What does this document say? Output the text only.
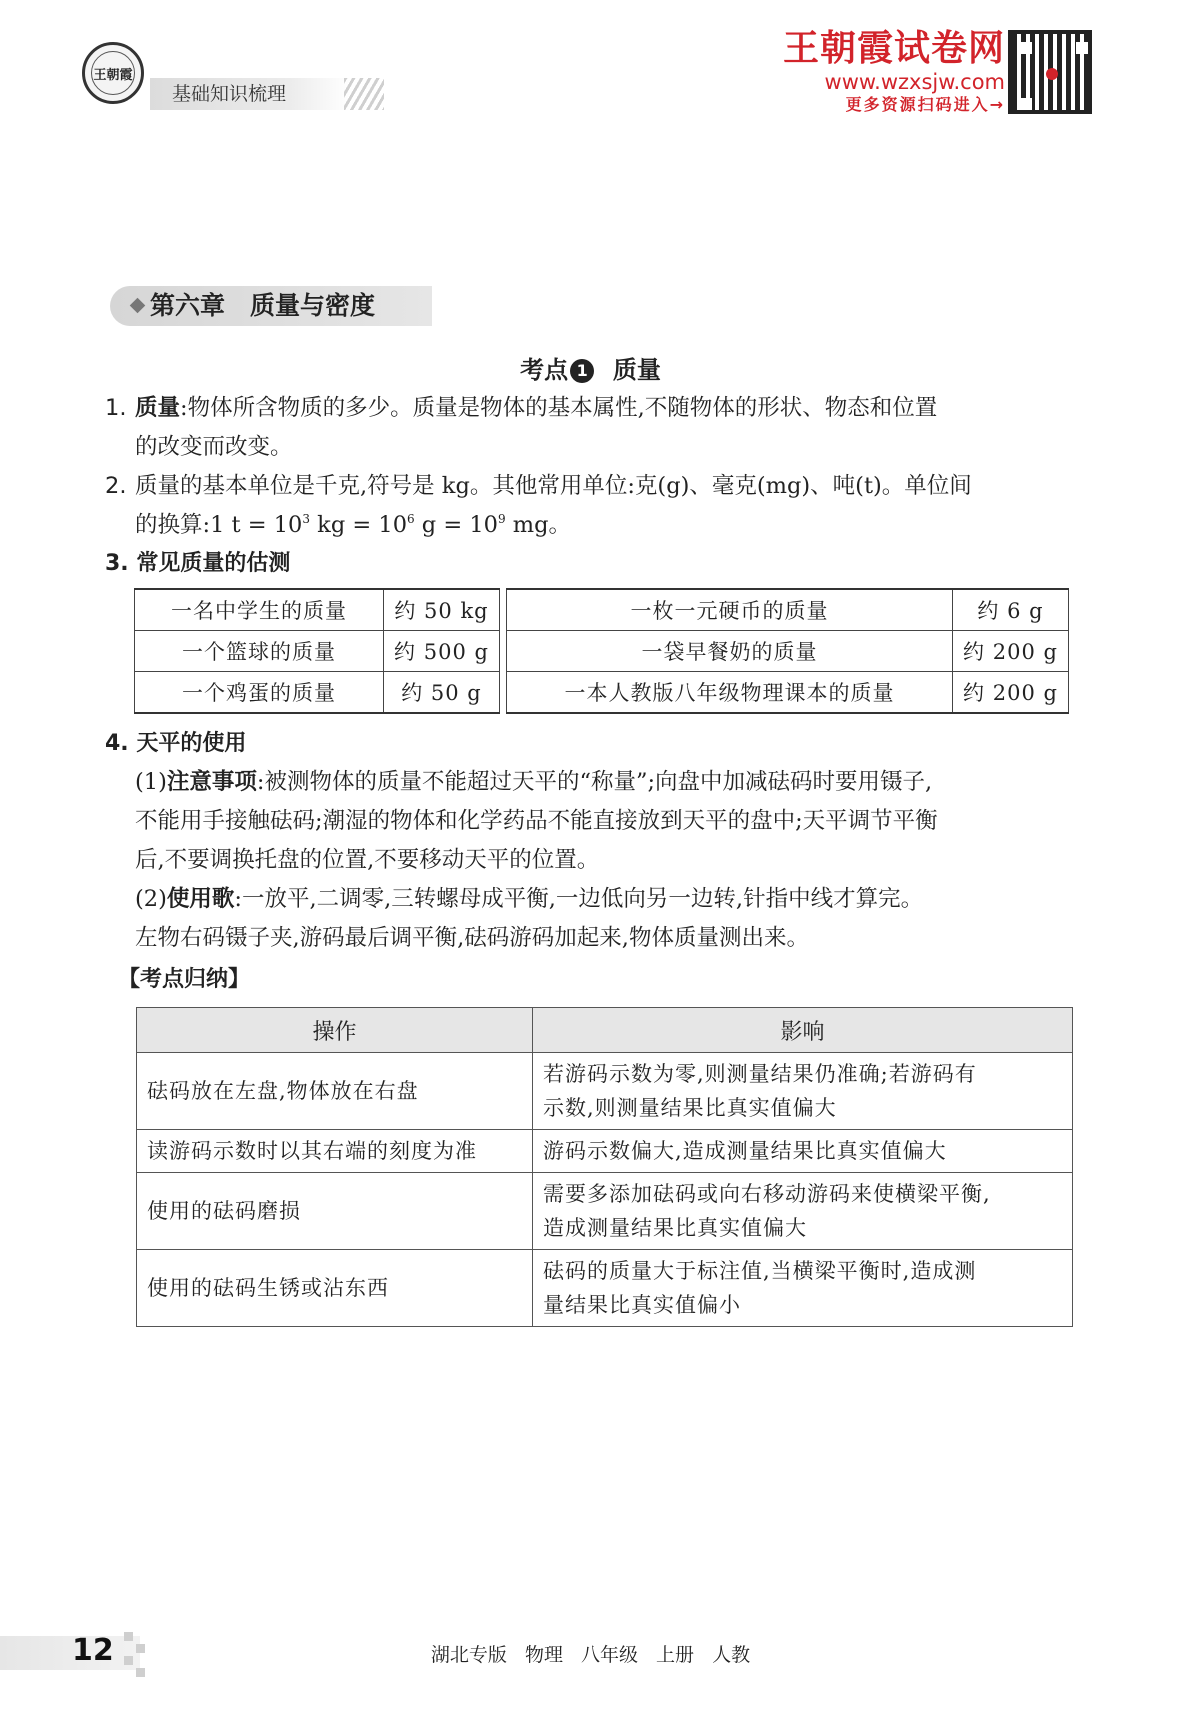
王朝霞
基础知识梳理
王朝霞试卷网
www.wzxsjw.com
更多资源扫码进入→
第六章　质量与密度
考点 1 质量
1. 质量:物体所含物质的多少。质量是物体的基本属性,不随物体的形状、物态和位置
的改变而改变。
2. 质量的基本单位是千克,符号是 kg。其他常用单位:克(g)、毫克(mg)、吨(t)。单位间
的换算:1 $t = 10^3$ kg = $10^6$ $g = 10^9$ mg。
3. 常见质量的估测
一名中学生的质量	约 50 kg
一个篮球的质量	约 500 g
一个鸡蛋的质量	约 50 g
一枚一元硬币的质量	约 6 g
一袋早餐奶的质量	约 200 g
一本人教版八年级物理课本的质量	约 200 g
4. 天平的使用
(1)注意事项:被测物体的质量不能超过天平的“称量”;向盘中加减砝码时要用镊子,
不能用手接触砝码;潮湿的物体和化学药品不能直接放到天平的盘中;天平调节平衡
后,不要调换托盘的位置,不要移动天平的位置。
(2)使用歌:一放平,二调零,三转螺母成平衡,一边低向另一边转,针指中线才算完。
左物右码镊子夹,游码最后调平衡,砝码游码加起来,物体质量测出来。
【考点归纳】
操作	影响
砝码放在左盘,物体放在右盘	若游码示数为零,则测量结果仍准确;若游码有
示数,则测量结果比真实值偏大

读游码示数时以其右端的刻度为准	游码示数偏大,造成测量结果比真实值偏大

使用的砝码磨损	需要多添加砝码或向右移动游码来使横梁平衡,
造成测量结果比真实值偏大

使用的砝码生锈或沾东西	砝码的质量大于标注值,当横梁平衡时,造成测
量结果比真实值偏小
12	湖北专版 物理 八年级 上册 人教
